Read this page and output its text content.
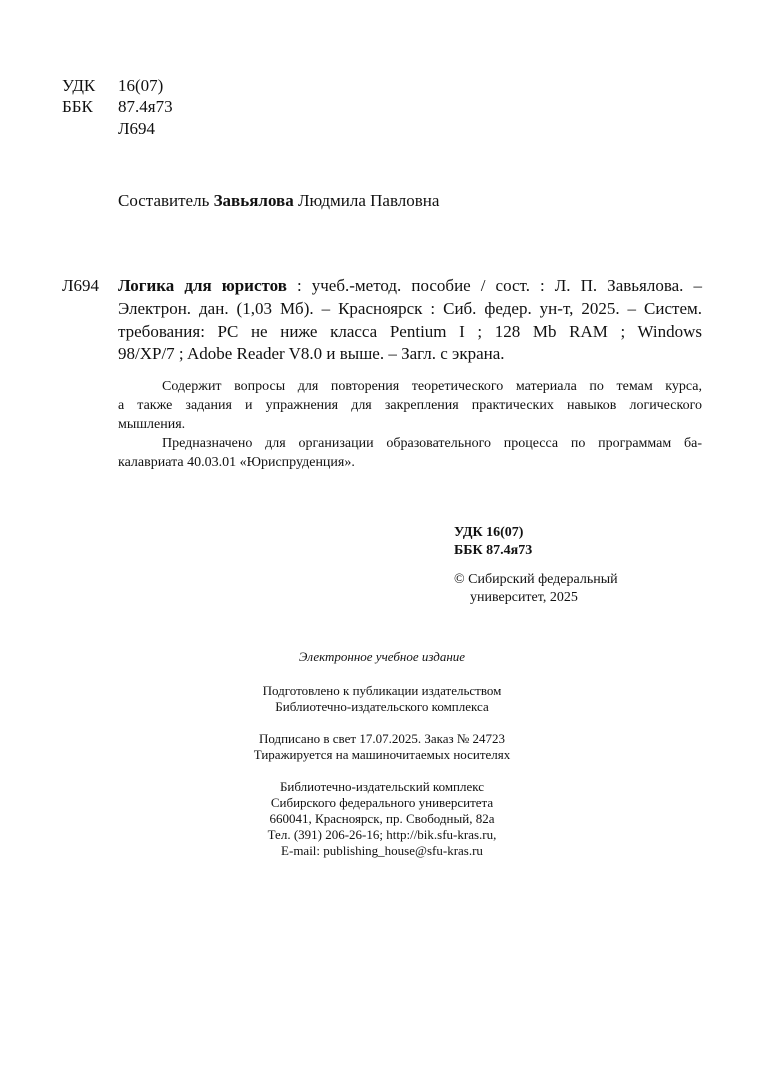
УДК 16(07)
ББК 87.4я73
Л694
Составитель Завьялова Людмила Павловна
Л694 Логика для юристов : учеб.-метод. пособие / сост. : Л. П. Завьялова. –
Электрон. дан. (1,03 Мб). – Красноярск : Сиб. федер. ун-т, 2025. – Систем.
требования: PC не ниже класса Pentium I ; 128 Mb RAM ; Windows
98/XP/7 ; Adobe Reader V8.0 и выше. – Загл. с экрана.
Содержит вопросы для повторения теоретического материала по темам курса,
а также задания и упражнения для закрепления практических навыков логического
мышления.
Предназначено для организации образовательного процесса по программам ба-
калавриата 40.03.01 «Юриспруденция».
УДК 16(07)
ББК 87.4я73
© Сибирский федеральный
университет, 2025
Электронное учебное издание
Подготовлено к публикации издательством
Библиотечно-издательского комплекса
Подписано в свет 17.07.2025. Заказ № 24723
Тиражируется на машиночитаемых носителях
Библиотечно-издательский комплекс
Сибирского федерального университета
660041, Красноярск, пр. Свободный, 82а
Тел. (391) 206-26-16; http://bik.sfu-kras.ru,
E-mail: publishing_house@sfu-kras.ru
